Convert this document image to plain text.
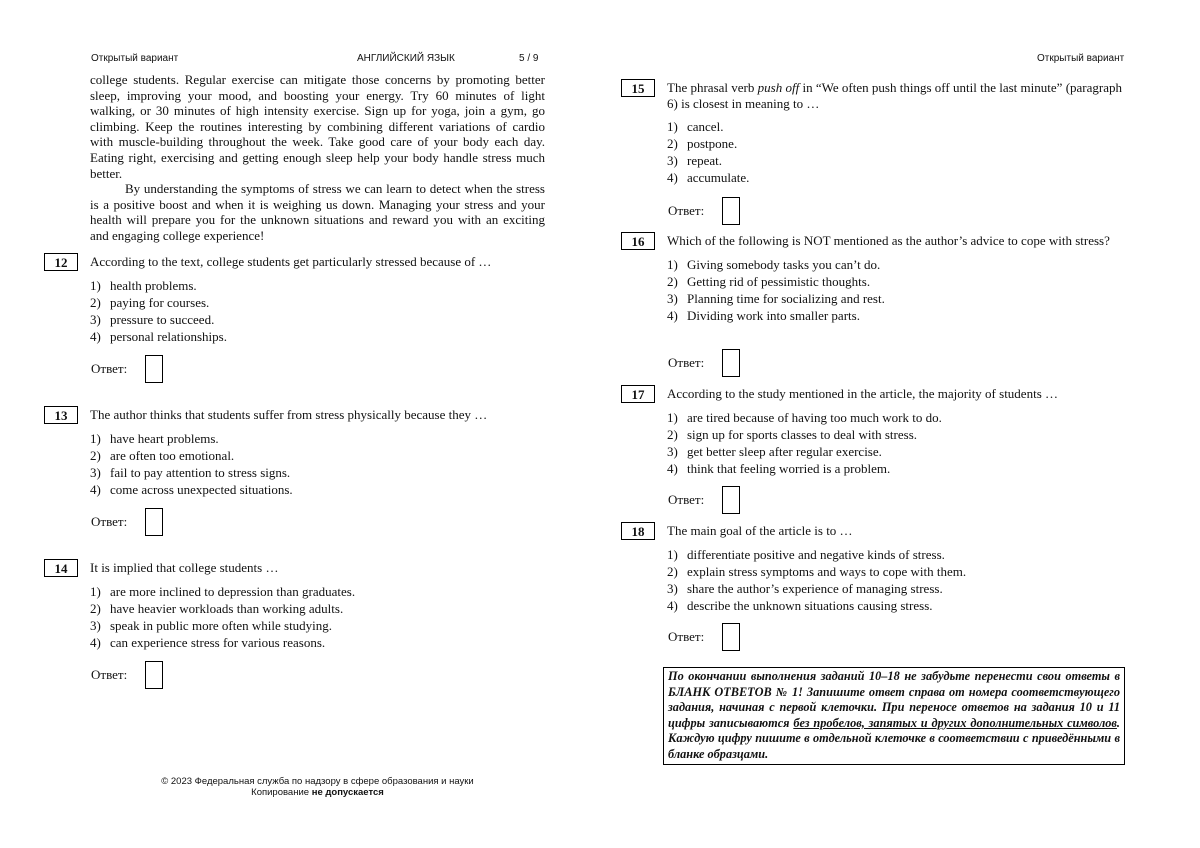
Открытый вариант	АНГЛИЙСКИЙ ЯЗЫК	5 / 9	Открытый вариант

college students. Regular exercise can mitigate those concerns by promoting better sleep, improving your mood, and boosting your energy. Try 60 minutes of light walking, or 30 minutes of high intensity exercise. Sign up for yoga, join a gym, go climbing. Keep the routines interesting by combining different variations of cardio with muscle-building throughout the week. Take good care of your body each day. Eating right, exercising and getting enough sleep help your body handle stress much better.

By understanding the symptoms of stress we can learn to detect when the stress is a positive boost and when it is weighing us down. Managing your stress and your health will prepare you for the unknown situations and reward you with an exciting and engaging college experience!

12	According to the text, college students get particularly stressed because of …
1) health problems.
2) paying for courses.
3) pressure to succeed.
4) personal relationships.
Ответ:
13	The author thinks that students suffer from stress physically because they …
1) have heart problems.
2) are often too emotional.
3) fail to pay attention to stress signs.
4) come across unexpected situations.
Ответ:
14	It is implied that college students …
1) are more inclined to depression than graduates.
2) have heavier workloads than working adults.
3) speak in public more often while studying.
4) can experience stress for various reasons.
Ответ:
15	The phrasal verb push off in “We often push things off until the last minute” (paragraph 6) is closest in meaning to …
1) cancel.
2) postpone.
3) repeat.
4) accumulate.
Ответ:
16	Which of the following is NOT mentioned as the author’s advice to cope with stress?
1) Giving somebody tasks you can’t do.
2) Getting rid of pessimistic thoughts.
3) Planning time for socializing and rest.
4) Dividing work into smaller parts.
Ответ:
17	According to the study mentioned in the article, the majority of students …
1) are tired because of having too much work to do.
2) sign up for sports classes to deal with stress.
3) get better sleep after regular exercise.
4) think that feeling worried is a problem.
Ответ:
18	The main goal of the article is to …
1) differentiate positive and negative kinds of stress.
2) explain stress symptoms and ways to cope with them.
3) share the author’s experience of managing stress.
4) describe the unknown situations causing stress.
Ответ:
По окончании выполнения заданий 10–18 не забудьте перенести свои ответы в БЛАНК ОТВЕТОВ № 1! Запишите ответ справа от номера соответствующего задания, начиная с первой клеточки. При переносе ответов на задания 10 и 11 цифры записываются без пробелов, запятых и других дополнительных символов. Каждую цифру пишите в отдельной клеточке в соответствии с приведёнными в бланке образцами.
© 2023 Федеральная служба по надзору в сфере образования и науки
Копирование не допускается
